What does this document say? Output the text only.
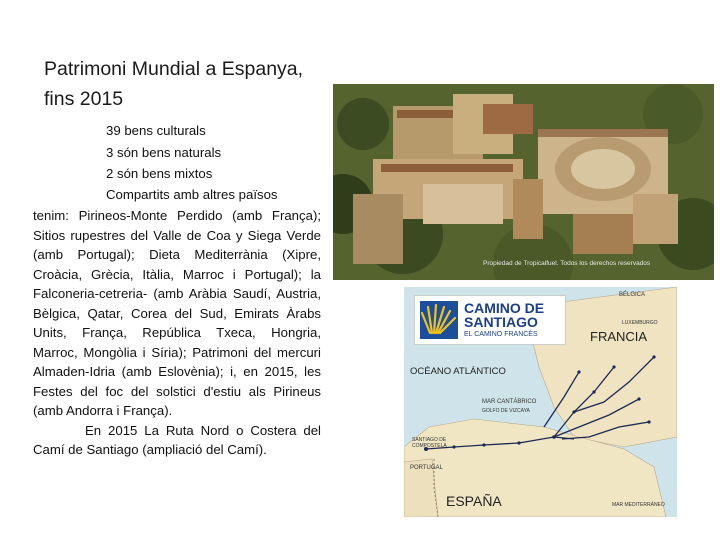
Patrimoni Mundial a Espanya,
fins 2015
39 bens culturals
3 són bens naturals
2 són bens mixtos
Compartits amb altres països
tenim: Pirineos-Monte Perdido (amb França); Sitios rupestres del Valle de Coa y Siega Verde (amb Portugal); Dieta Mediterrània (Xipre, Croàcia, Grècia, Itàlia, Marroc i Portugal); la Falconeria-cetreria- (amb Aràbia Saudí, Austria, Bèlgica, Qatar, Corea del Sud, Emirats Àrabs Units, França, República Txeca, Hongria, Marroc, Mongòlia i Síria); Patrimoni del mercuri Almaden-Idria (amb Eslovènia); i, en 2015, les Festes del foc del solstici d'estiu als Pirineus (amb Andorra i França).
En 2015 La Ruta Nord o Costera del Camí de Santiago (ampliació del Camí).
Propiedad de Tropicalfuel. Todos los derechos reservados
CAMINO DE
SANTIAGO
EL CAMINO FRANCÉS
BÉLGICA
LUXEMBURGO
FRANCIA
OCÉANO ATLÁNTICO
MAR CANTÁBRICO
GOLFO DE VIZCAYA
SANTIAGO DE COMPOSTELA
PORTUGAL
ESPAÑA	MAR MEDITERRÁNEO
